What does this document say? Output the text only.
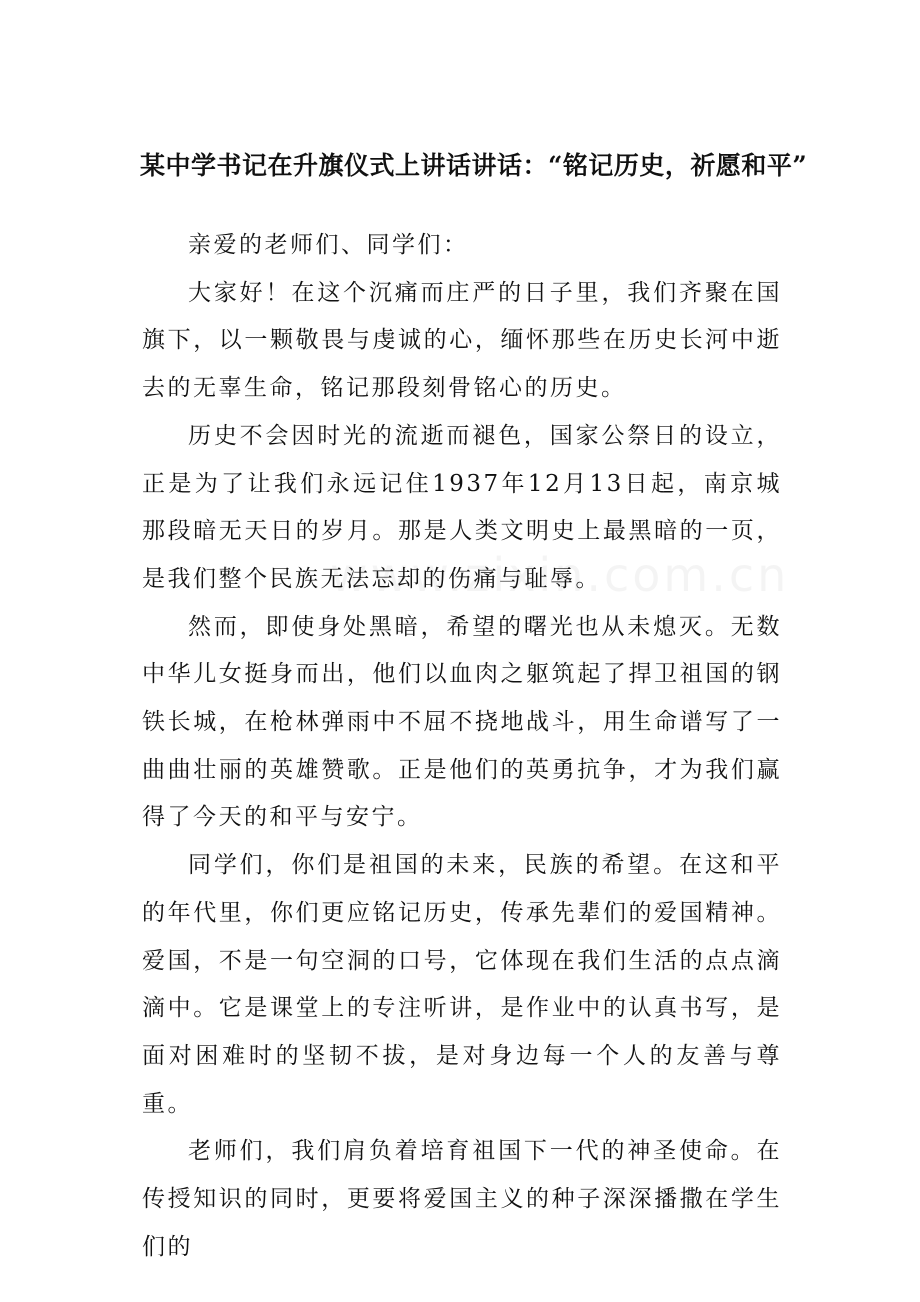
某中学书记在升旗仪式上讲话讲话：“铭记历史，祈愿和平”

亲爱的老师们、同学们：

大家好！在这个沉痛而庄严的日子里，我们齐聚在国旗下，以一颗敬畏与虔诚的心，缅怀那些在历史长河中逝去的无辜生命，铭记那段刻骨铭心的历史。

历史不会因时光的流逝而褪色，国家公祭日的设立，正是为了让我们永远记住1937年12月13日起，南京城那段暗无天日的岁月。那是人类文明史上最黑暗的一页，是我们整个民族无法忘却的伤痛与耻辱。

然而，即使身处黑暗，希望的曙光也从未熄灭。无数中华儿女挺身而出，他们以血肉之躯筑起了捍卫祖国的钢铁长城，在枪林弹雨中不屈不挠地战斗，用生命谱写了一曲曲壮丽的英雄赞歌。正是他们的英勇抗争，才为我们赢得了今天的和平与安宁。

同学们，你们是祖国的未来，民族的希望。在这和平的年代里，你们更应铭记历史，传承先辈们的爱国精神。爱国，不是一句空洞的口号，它体现在我们生活的点点滴滴中。它是课堂上的专注听讲，是作业中的认真书写，是面对困难时的坚韧不拔，是对身边每一个人的友善与尊重。

老师们，我们肩负着培育祖国下一代的神圣使命。在传授知识的同时，更要将爱国主义的种子深深播撒在学生们的
